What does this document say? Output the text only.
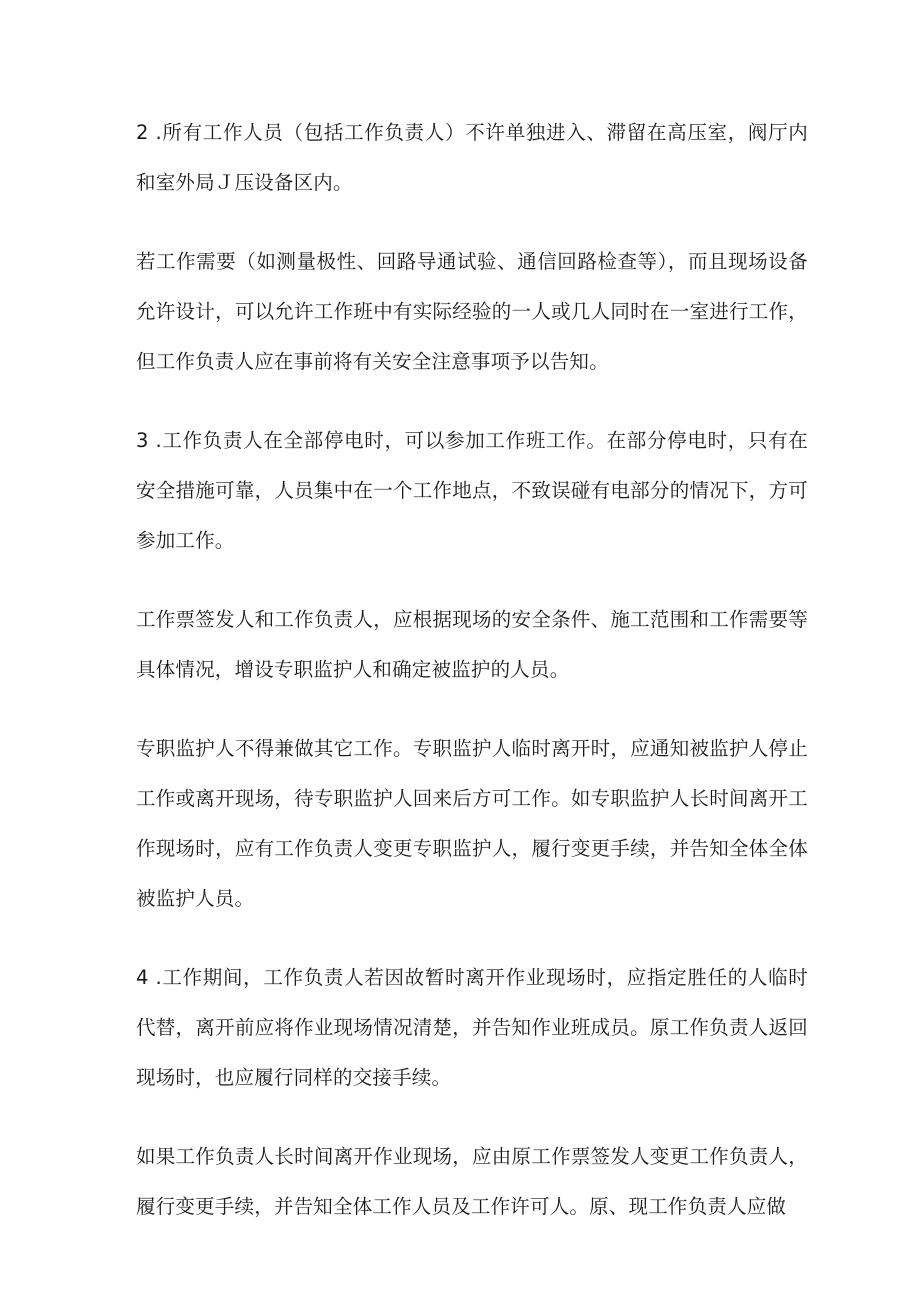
2 .所有工作人员（包括工作负责人）不许单独进入、滞留在高压室，阀厅内和室外局Ｊ压设备区内。

若工作需要（如测量极性、回路导通试验、通信回路检查等），而且现场设备允许设计，可以允许工作班中有实际经验的一人或几人同时在一室进行工作，但工作负责人应在事前将有关安全注意事项予以告知。

3 .工作负责人在全部停电时，可以参加工作班工作。在部分停电时，只有在安全措施可靠，人员集中在一个工作地点，不致误碰有电部分的情况下，方可参加工作。

工作票签发人和工作负责人，应根据现场的安全条件、施工范围和工作需要等具体情况，增设专职监护人和确定被监护的人员。

专职监护人不得兼做其它工作。专职监护人临时离开时，应通知被监护人停止工作或离开现场，待专职监护人回来后方可工作。如专职监护人长时间离开工作现场时，应有工作负责人变更专职监护人，履行变更手续，并告知全体全体被监护人员。

4 .工作期间，工作负责人若因故暂时离开作业现场时，应指定胜任的人临时代替，离开前应将作业现场情况清楚，并告知作业班成员。原工作负责人返回现场时，也应履行同样的交接手续。

如果工作负责人长时间离开作业现场，应由原工作票签发人变更工作负责人，履行变更手续，并告知全体工作人员及工作许可人。原、现工作负责人应做
